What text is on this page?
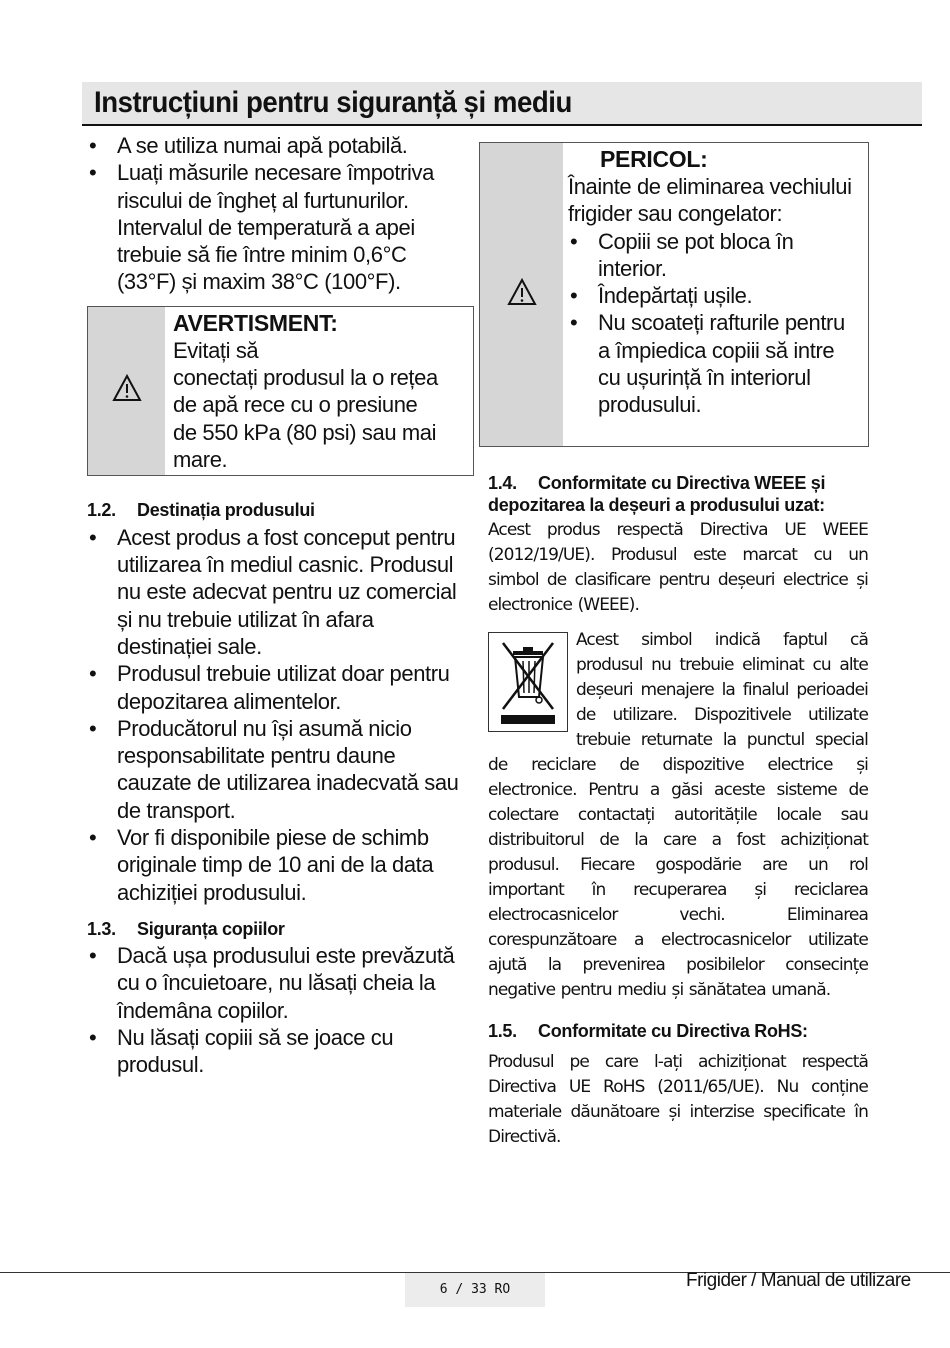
Instrucțiuni pentru siguranță și mediu
• A se utiliza numai apă potabilă.
• Luați măsurile necesare împotriva riscului de îngheț al furtunurilor. Intervalul de temperatură a apei trebuie să fie între minim 0,6°C (33°F) și maxim 38°C (100°F).
AVERTISMENT:
Evitați să
conectați produsul la o rețea
de apă rece cu o presiune
de 550 kPa (80 psi) sau mai
mare.
1.2. Destinația produsului
• Acest produs a fost conceput pentru utilizarea în mediul casnic. Produsul nu este adecvat pentru uz comercial și nu trebuie utilizat în afara destinației sale.
• Produsul trebuie utilizat doar pentru depozitarea alimentelor.
• Producătorul nu își asumă nicio responsabilitate pentru daune cauzate de utilizarea inadecvată sau de transport.
• Vor fi disponibile piese de schimb originale timp de 10 ani de la data achiziției produsului.
1.3. Siguranța copiilor
• Dacă ușa produsului este prevăzută cu o încuietoare, nu lăsați cheia la îndemâna copiilor.
• Nu lăsați copiii să se joace cu produsul.
PERICOL:
Înainte de eliminarea vechiului frigider sau congelator:
• Copiii se pot bloca în interior.
• Îndepărtați ușile.
• Nu scoateți rafturile pentru a împiedica copiii să intre cu ușurință în interiorul produsului.
1.4. Conformitate cu Directiva WEEE și depozitarea la deșeuri a produsului uzat:

Acest produs respectă Directiva UE WEEE (2012/19/UE). Produsul este marcat cu un simbol de clasificare pentru deșeuri electrice și electronice (WEEE).

Acest simbol indică faptul că produsul nu trebuie eliminat cu alte deșeuri menajere la finalul perioadei de utilizare. Dispozitivele utilizate trebuie returnate la punctul special de reciclare de dispozitive electrice și electronice. Pentru a găsi aceste sisteme de colectare contactați autoritățile locale sau distribuitorul de la care a fost achiziționat produsul. Fiecare gospodărie are un rol important în recuperarea și reciclarea electrocasnicelor vechi. Eliminarea corespunzătoare a electrocasnicelor utilizate ajută la prevenirea posibilelor consecințe negative pentru mediu și sănătatea umană.

1.5. Conformitate cu Directiva RoHS:

Produsul pe care l-ați achiziționat respectă Directiva UE RoHS (2011/65/UE). Nu conține materiale dăunătoare și interzise specificate în Directivă.

6 / 33 RO	Frigider / Manual de utilizare
